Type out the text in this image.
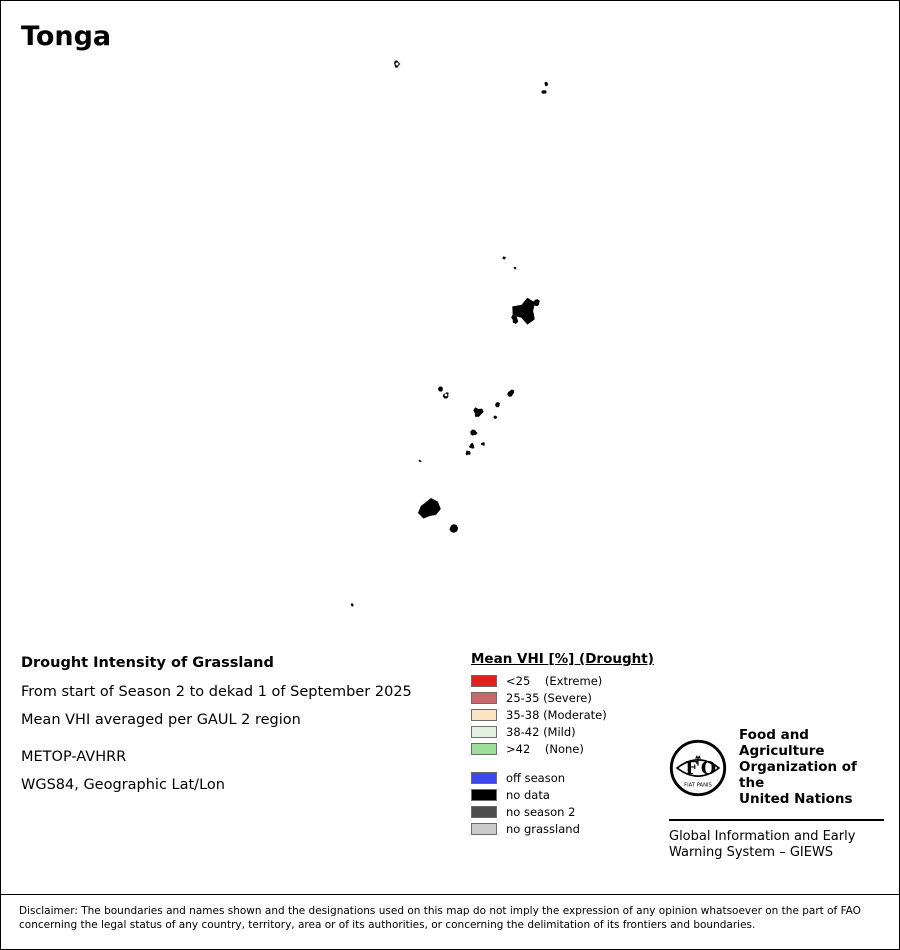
Tonga
Drought Intensity of Grassland
From start of Season 2 to dekad 1 of September 2025
Mean VHI averaged per GAUL 2 region
METOP-AVHRR
WGS84, Geographic Lat/Lon
Mean VHI [%] (Drought)
<25    (Extreme)
25-35 (Severe)
35-38 (Moderate)
38-42 (Mild)
>42    (None)
off season
no data
no season 2
no grassland
F O
FIAT PANIS
Food and Agriculture
Organization of the
United Nations
Global Information and Early
Warning System – GIEWS
Disclaimer: The boundaries and names shown and the designations used on this map do not imply the expression of any opinion whatsoever on the part of FAO concerning the legal status of any country, territory, area or of its authorities, or concerning the delimitation of its frontiers and boundaries.
